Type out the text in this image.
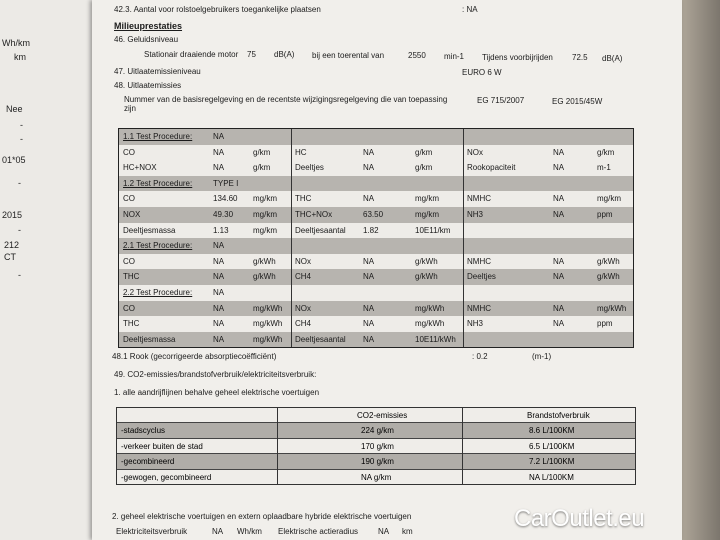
Wh/km
km
Nee
-
-
01*05
-
2015
-
212
CT
-
42.3. Aantal voor rolstoelgebruikers toegankelijke plaatsen	: NA
Milieuprestaties
46. Geluidsniveau
Stationair draaiende motor 75 dB(A) bij een toerental van	2550 min-1 Tijdens voorbijrijden 72.5 dB(A)
47. Uitlaatemissieniveau	EURO 6 W
48. Uitlaatemissies
Nummer van de basisregelgeving en de recentste wijzigingsregelgeving die van toepassing
zijn
EG 715/2007	EG 2015/45W
1.1 Test Procedure:	NA
CO	NA	g/km	HC	NA	g/km	NOx	NA	g/km
HC+NOX	NA	g/km	Deeltjes	NA	g/km	Rookopaciteit	NA	m-1
1.2 Test Procedure:	TYPE I
CO	134.60 mg/km THC	NA	mg/km	NMHC	NA	mg/km
NOX	49.30 mg/km THC+NOx	63.50	mg/km	NH3	NA	ppm
Deeltjesmassa	1.13	mg/km Deeltjesaantal 1.82	10E11/km
2.1 Test Procedure:	NA
CO	NA	g/kWh NOx	NA	g/kWh	NMHC	NA	g/kWh
THC	NA	g/kWh CH4	NA	g/kWh	Deeltjes	NA	g/kWh
2.2 Test Procedure:	NA
CO	NA	mg/kWh NOx	NA	mg/kWh	NMHC	NA	mg/kWh
THC	NA	mg/kWh CH4	NA	mg/kWh	NH3	NA	ppm
Deeltjesmassa	NA	mg/kWh Deeltjesaantal NA	10E11/kWh
48.1 Rook (gecorrigeerde absorptiecoëfficiënt)	: 0.2	(m-1)
49. CO2-emissies/brandstofverbruik/elektriciteitsverbruik:
1. alle aandrijflijnen behalve geheel elektrische voertuigen
CO2-emissies	Brandstofverbruik
-stadscyclus	224 g/km	8.6 L/100KM
-verkeer buiten de stad	170 g/km	6.5 L/100KM
-gecombineerd	190 g/km	7.2 L/100KM
-gewogen, gecombineerd	NA g/km	NA L/100KM
2. geheel elektrische voertuigen en extern oplaadbare hybride elektrische voertuigen
Elektriciteitsverbruik	NA Wh/km Elektrische actieradius NA km	CarOutlet.eu
